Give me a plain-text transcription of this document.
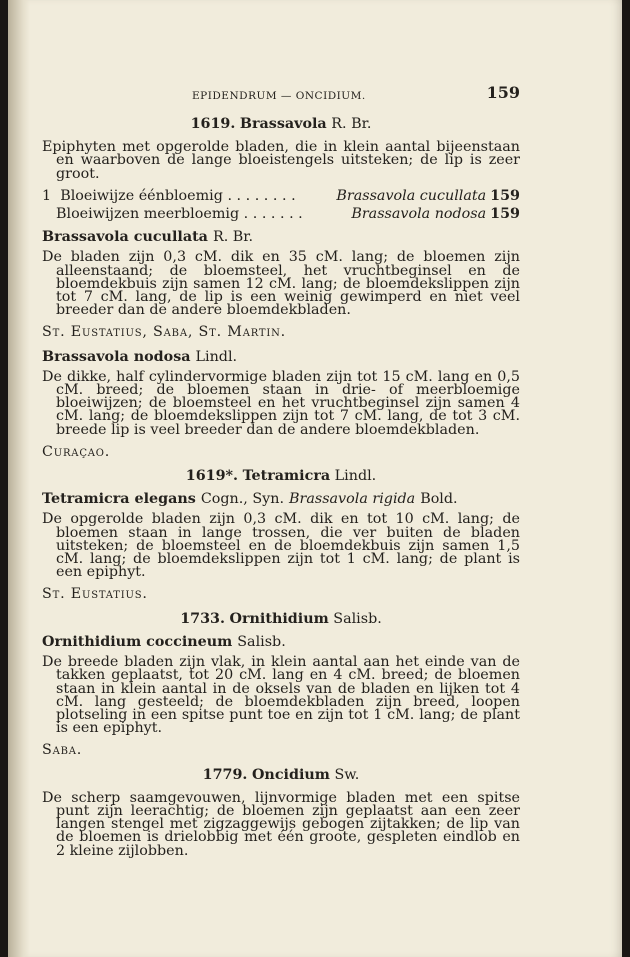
EPIDENDRUM — ONCIDIUM.	159
1619. Brassavola R. Br.
Epiphyten met opgerolde bladen, die in klein aantal bijeenstaan en waarboven de lange bloeistengels uitsteken; de lip is zeer groot.
1 Bloeiwijze éénbloemig . . . . . . . .	Brassavola cucullata 159
Bloeiwijzen meerbloemig . . . . . . .	Brassavola nodosa 159
Brassavola cucullata R. Br.
De bladen zijn 0,3 cM. dik en 35 cM. lang; de bloemen zijn alleenstaand; de bloemsteel, het vruchtbeginsel en de bloemdekbuis zijn samen 12 cM. lang; de bloemdekslippen zijn tot 7 cM. lang, de lip is een weinig gewimperd en niet veel breeder dan de andere bloemdekbladen.
St. Eustatius, Saba, St. Martin.
Brassavola nodosa Lindl.
De dikke, half cylindervormige bladen zijn tot 15 cM. lang en 0,5 cM. breed; de bloemen staan in drie- of meerbloemige bloeiwijzen; de bloemsteel en het vruchtbeginsel zijn samen 4 cM. lang; de bloemdekslippen zijn tot 7 cM. lang, de tot 3 cM. breede lip is veel breeder dan de andere bloemdekbladen.
Curaçao.
1619*. Tetramicra Lindl.
Tetramicra elegans Cogn., Syn. Brassavola rigida Bold.
De opgerolde bladen zijn 0,3 cM. dik en tot 10 cM. lang; de bloemen staan in lange trossen, die ver buiten de bladen uitsteken; de bloemsteel en de bloemdekbuis zijn samen 1,5 cM. lang; de bloemdekslippen zijn tot 1 cM. lang; de plant is een epiphyt.
St. Eustatius.
1733. Ornithidium Salisb.
Ornithidium coccineum Salisb.
De breede bladen zijn vlak, in klein aantal aan het einde van de takken geplaatst, tot 20 cM. lang en 4 cM. breed; de bloemen staan in klein aantal in de oksels van de bladen en lijken tot 4 cM. lang gesteeld; de bloemdekbladen zijn breed, loopen plotseling in een spitse punt toe en zijn tot 1 cM. lang; de plant is een epiphyt.
Saba.
1779. Oncidium Sw.
De scherp saamgevouwen, lijnvormige bladen met een spitse punt zijn leerachtig; de bloemen zijn geplaatst aan een zeer langen stengel met zigzaggewijs gebogen zijtakken; de lip van de bloemen is drielobbig met één groote, gespleten eindlob en 2 kleine zijlobben.
